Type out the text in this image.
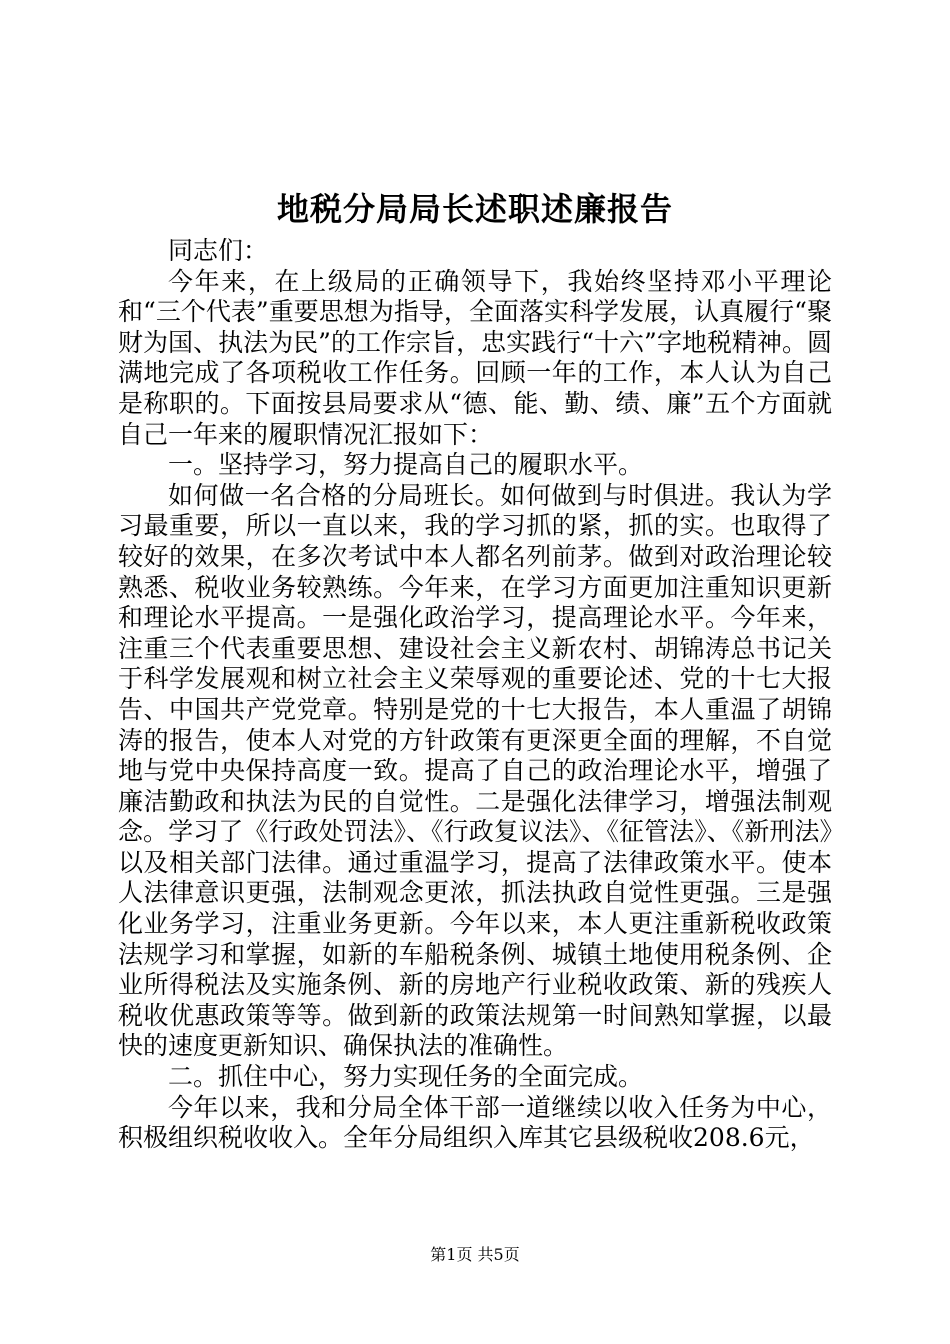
地税分局局长述职述廉报告

同志们：

今年来，在上级局的正确领导下，我始终坚持邓小平理论和“三个代表”重要思想为指导，全面落实科学发展，认真履行“聚财为国、执法为民”的工作宗旨，忠实践行“十六”字地税精神。圆满地完成了各项税收工作任务。回顾一年的工作，本人认为自己是称职的。下面按县局要求从“德、能、勤、绩、廉”五个方面就自己一年来的履职情况汇报如下：

一。坚持学习，努力提高自己的履职水平。

如何做一名合格的分局班长。如何做到与时俱进。我认为学习最重要，所以一直以来，我的学习抓的紧，抓的实。也取得了较好的效果，在多次考试中本人都名列前茅。做到对政治理论较熟悉、税收业务较熟练。今年来，在学习方面更加注重知识更新和理论水平提高。一是强化政治学习，提高理论水平。今年来，注重三个代表重要思想、建设社会主义新农村、胡锦涛总书记关于科学发展观和树立社会主义荣辱观的重要论述、党的十七大报告、中国共产党党章。特别是党的十七大报告，本人重温了胡锦涛的报告，使本人对党的方针政策有更深更全面的理解，不自觉地与党中央保持高度一致。提高了自己的政治理论水平，增强了廉洁勤政和执法为民的自觉性。二是强化法律学习，增强法制观念。学习了《行政处罚法》、《行政复议法》、《征管法》、《新刑法》以及相关部门法律。通过重温学习，提高了法律政策水平。使本人法律意识更强，法制观念更浓，抓法执政自觉性更强。三是强化业务学习，注重业务更新。今年以来，本人更注重新税收政策法规学习和掌握，如新的车船税条例、城镇土地使用税条例、企业所得税法及实施条例、新的房地产行业税收政策、新的残疾人税收优惠政策等等。做到新的政策法规第一时间熟知掌握，以最快的速度更新知识、确保执法的准确性。

二。抓住中心，努力实现任务的全面完成。

今年以来，我和分局全体干部一道继续以收入任务为中心，积极组织税收收入。全年分局组织入库其它县级税收208.6元，

第1页 共5页
